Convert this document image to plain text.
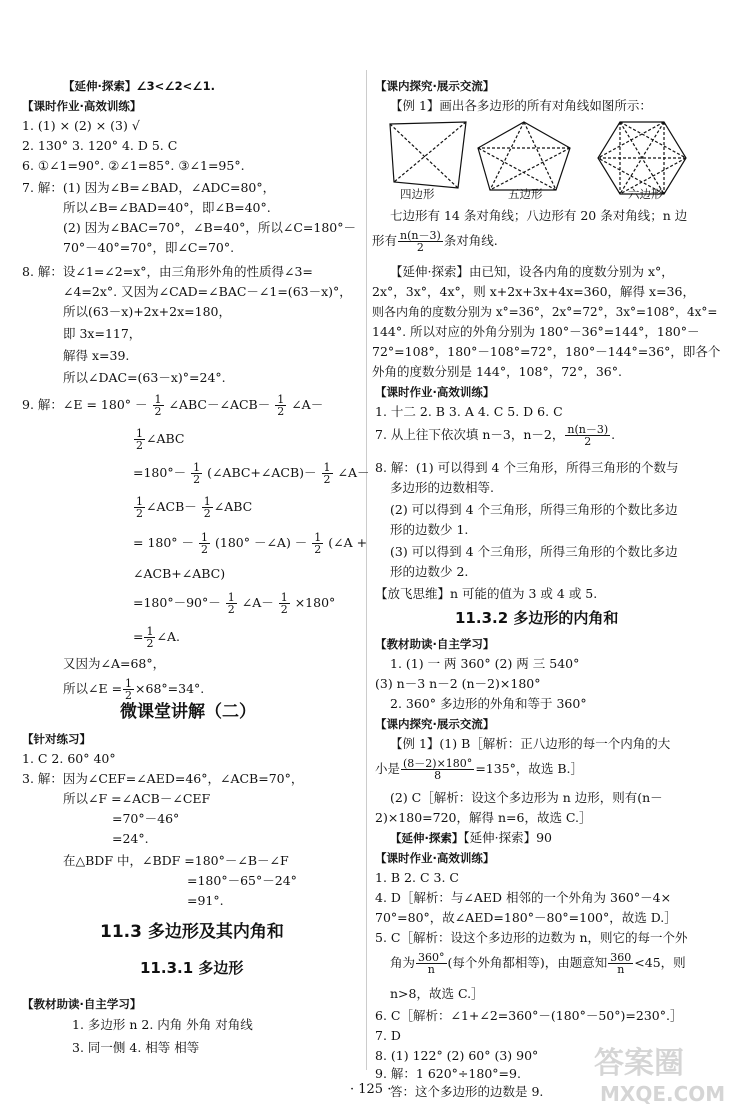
【延伸·探索】∠3<∠2<∠1.
【课时作业·高效训练】
1. (1) × (2) × (3) √
2. 130° 3. 120° 4. D 5. C
6. ①∠1=90°. ②∠1=85°. ③∠1=95°.
7. 解：(1) 因为∠B=∠BAD，∠ADC=80°，
所以∠B=∠BAD=40°，即∠B=40°.
(2) 因为∠BAC=70°，∠B=40°，所以∠C=180°－
70°－40°=70°，即∠C=70°.
8. 解：设∠1=∠2=x°，由三角形外角的性质得∠3=
∠4=2x°. 又因为∠CAD=∠BAC－∠1=(63－x)°，
所以(63－x)+2x+2x=180，
即 3x=117，
解得 x=39.
所以∠DAC=(63－x)°=24°.
9. 解：∠E = $180^\circ - \frac{1}{2}$ ∠ABC－∠ACB－ $\frac{1}{2}$ ∠A－
$\frac{1}{2}$ ∠ABC
$=180^\circ- \frac{1}{2}$ (∠ABC+∠ACB)－ $\frac{1}{2}$ ∠A－
$\frac{1}{2}$ ∠ACB－ $\frac{1}{2}$ ∠ABC
= $180^\circ - \frac{1}{2} (180^\circ$ －∠A) － $\frac{1}{2}$ (∠A +
∠ACB+∠ABC)
$=180^\circ-90^\circ- \frac{1}{2}$ ∠A－ $\frac{1}{2} \times 180^\circ$
= $\frac{1}{2}$ ∠A.
又因为∠A=68°，
所以∠E = $\frac{1}{2} \times 68^\circ=34^\circ$.
微课堂讲解（二）
【针对练习】
1. C 2. 60° 40°
3. 解：因为∠CEF=∠AED=46°，∠ACB=70°，
所以∠F =∠ACB－∠CEF
=70°－46°
=24°.
在△BDF 中，∠BDF =180°－∠B－∠F
=180°－65°－24°
=91°.
11.3 多边形及其内角和
11.3.1 多边形
【教材助读·自主学习】
1. 多边形 n 2. 内角 外角 对角线
3. 同一侧 4. 相等 相等
【课内探究·展示交流】
【例 1】画出各多边形的所有对角线如图所示：
四边形	五边形	六边形
七边形有 14 条对角线；八边形有 20 条对角线；n 边
形有 $\frac{n(n-3)}{2}$ 条对角线.
【延伸·探索】由已知，设各内角的度数分别为 x°，
2x°，3x°，4x°，则 x+2x+3x+4x=360，解得 x=36，
则各内角的度数分别为 x°=36°，2x°=72°，3x°=108°，4x°=
144°. 所以对应的外角分别为 180°－36°=144°，180°－
72°=108°，180°－108°=72°，180°－144°=36°，即各个
外角的度数分别是 144°，108°，72°，36°.
【课时作业·高效训练】
1. 十二 2. B 3. A 4. C 5. D 6. C
7. 从上往下依次填 n－3，n－2， $\frac{n(n-3)}{2}$ .
8. 解：(1) 可以得到 4 个三角形，所得三角形的个数与
多边形的边数相等.
(2) 可以得到 4 个三角形，所得三角形的个数比多边
形的边数少 1.
(3) 可以得到 4 个三角形，所得三角形的个数比多边
形的边数少 2.
【放飞思维】n 可能的值为 3 或 4 或 5.
11.3.2 多边形的内角和
【教材助读·自主学习】
1. (1) 一 两 360° (2) 两 三 540°
(3) n－3 n－2 (n－2)×180°
2. 360° 多边形的外角和等于 360°
【课内探究·展示交流】
【例 1】(1) B［解析：正八边形的每一个内角的大
小是 $\frac{(8-2)\times 180^\circ}{8} =135^\circ$，故选 B.］
(2) C［解析：设这个多边形为 n 边形，则有(n－
2)×180=720，解得 n=6，故选 C.］
【延伸·探索】【延伸·探索】90
【课时作业·高效训练】
1. B 2. C 3. C
4. D［解析：与∠AED 相邻的一个外角为 360°－4×
70°=80°，故∠AED=180°－80°=100°，故选 D.］
5. C［解析：设这个多边形的边数为 n，则它的每一个外
角为 $\frac{360^\circ}{n}$ (每个外角都相等)，由题意知 $\frac{360}{n} <45$，则
n>8，故选 C.］
6. C［解析：∠1+∠2=360°－(180°－50°)=230°.］
7. D
8. (1) 122° (2) 60° (3) 90°
9. 解：1 620°÷180°=9.
答：这个多边形的边数是 9.
· 125 ·
答案圈
MXQE.COM
